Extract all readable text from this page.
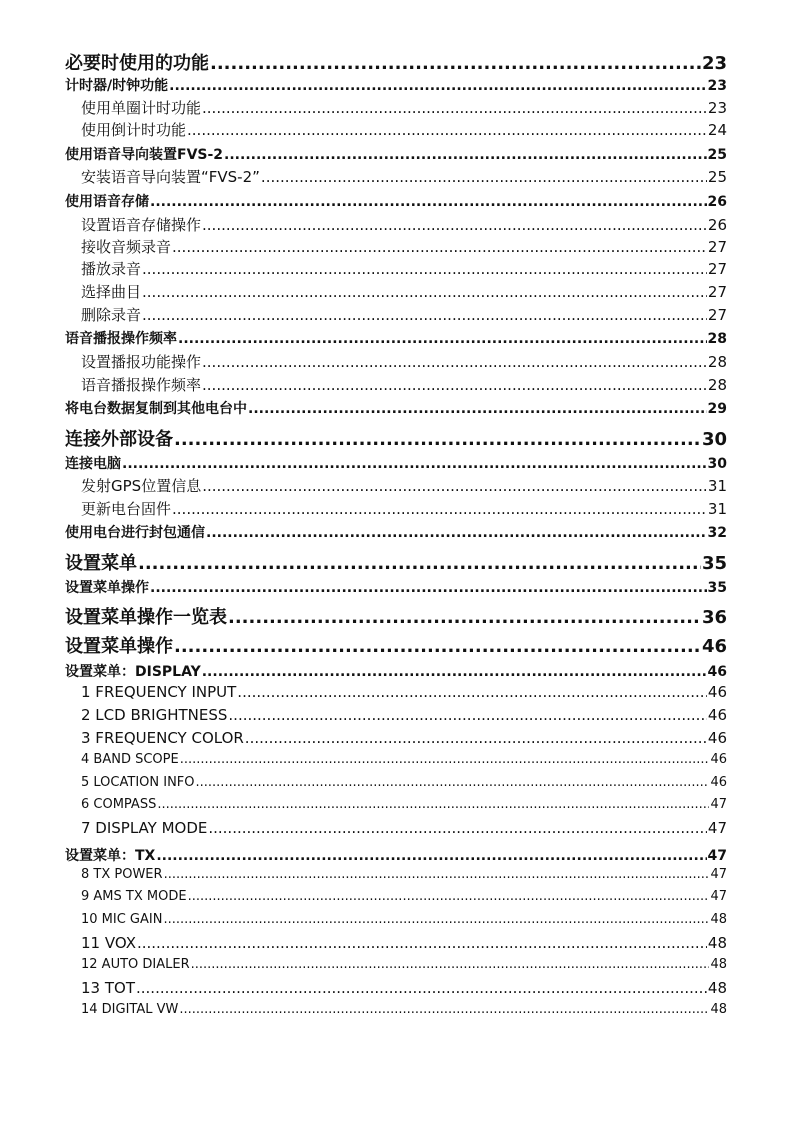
必要时使用的功能 .....	23
计时器/时钟功能 .....	23
使用单圈计时功能 .....	23
使用倒计时功能 .....	24
使用语音导向装置FVS-2 .....	25
安装语音导向装置“FVS-2” .....	25
使用语音存储 .....	26
设置语音存储操作 .....	26
接收音频录音 .....	27
播放录音 .....	27
选择曲目 .....	27
删除录音 .....	27
语音播报操作频率 .....	28
设置播报功能操作 .....	28
语音播报操作频率 .....	28
将电台数据复制到其他电台中 .....	29
连接外部设备 .....	30
连接电脑 .....	30
发射GPS位置信息 .....	31
更新电台固件 .....	31
使用电台进行封包通信 .....	32
设置菜单 .....	35
设置菜单操作 .....	35
设置菜单操作一览表 .....	36
设置菜单操作 .....	46
设置菜单：DISPLAY .....	46
1 FREQUENCY INPUT .....	46
2 LCD BRIGHTNESS .....	46
3 FREQUENCY COLOR .....	46
4 BAND SCOPE .....	46
5 LOCATION INFO .....	46
6 COMPASS .....	47
7 DISPLAY MODE .....	47
设置菜单：TX .....	47
8 TX POWER .....	47
9 AMS TX MODE .....	47
10 MIC GAIN .....	48
11 VOX .....	48
12 AUTO DIALER .....	48
13 TOT .....	48
14 DIGITAL VW .....	48
